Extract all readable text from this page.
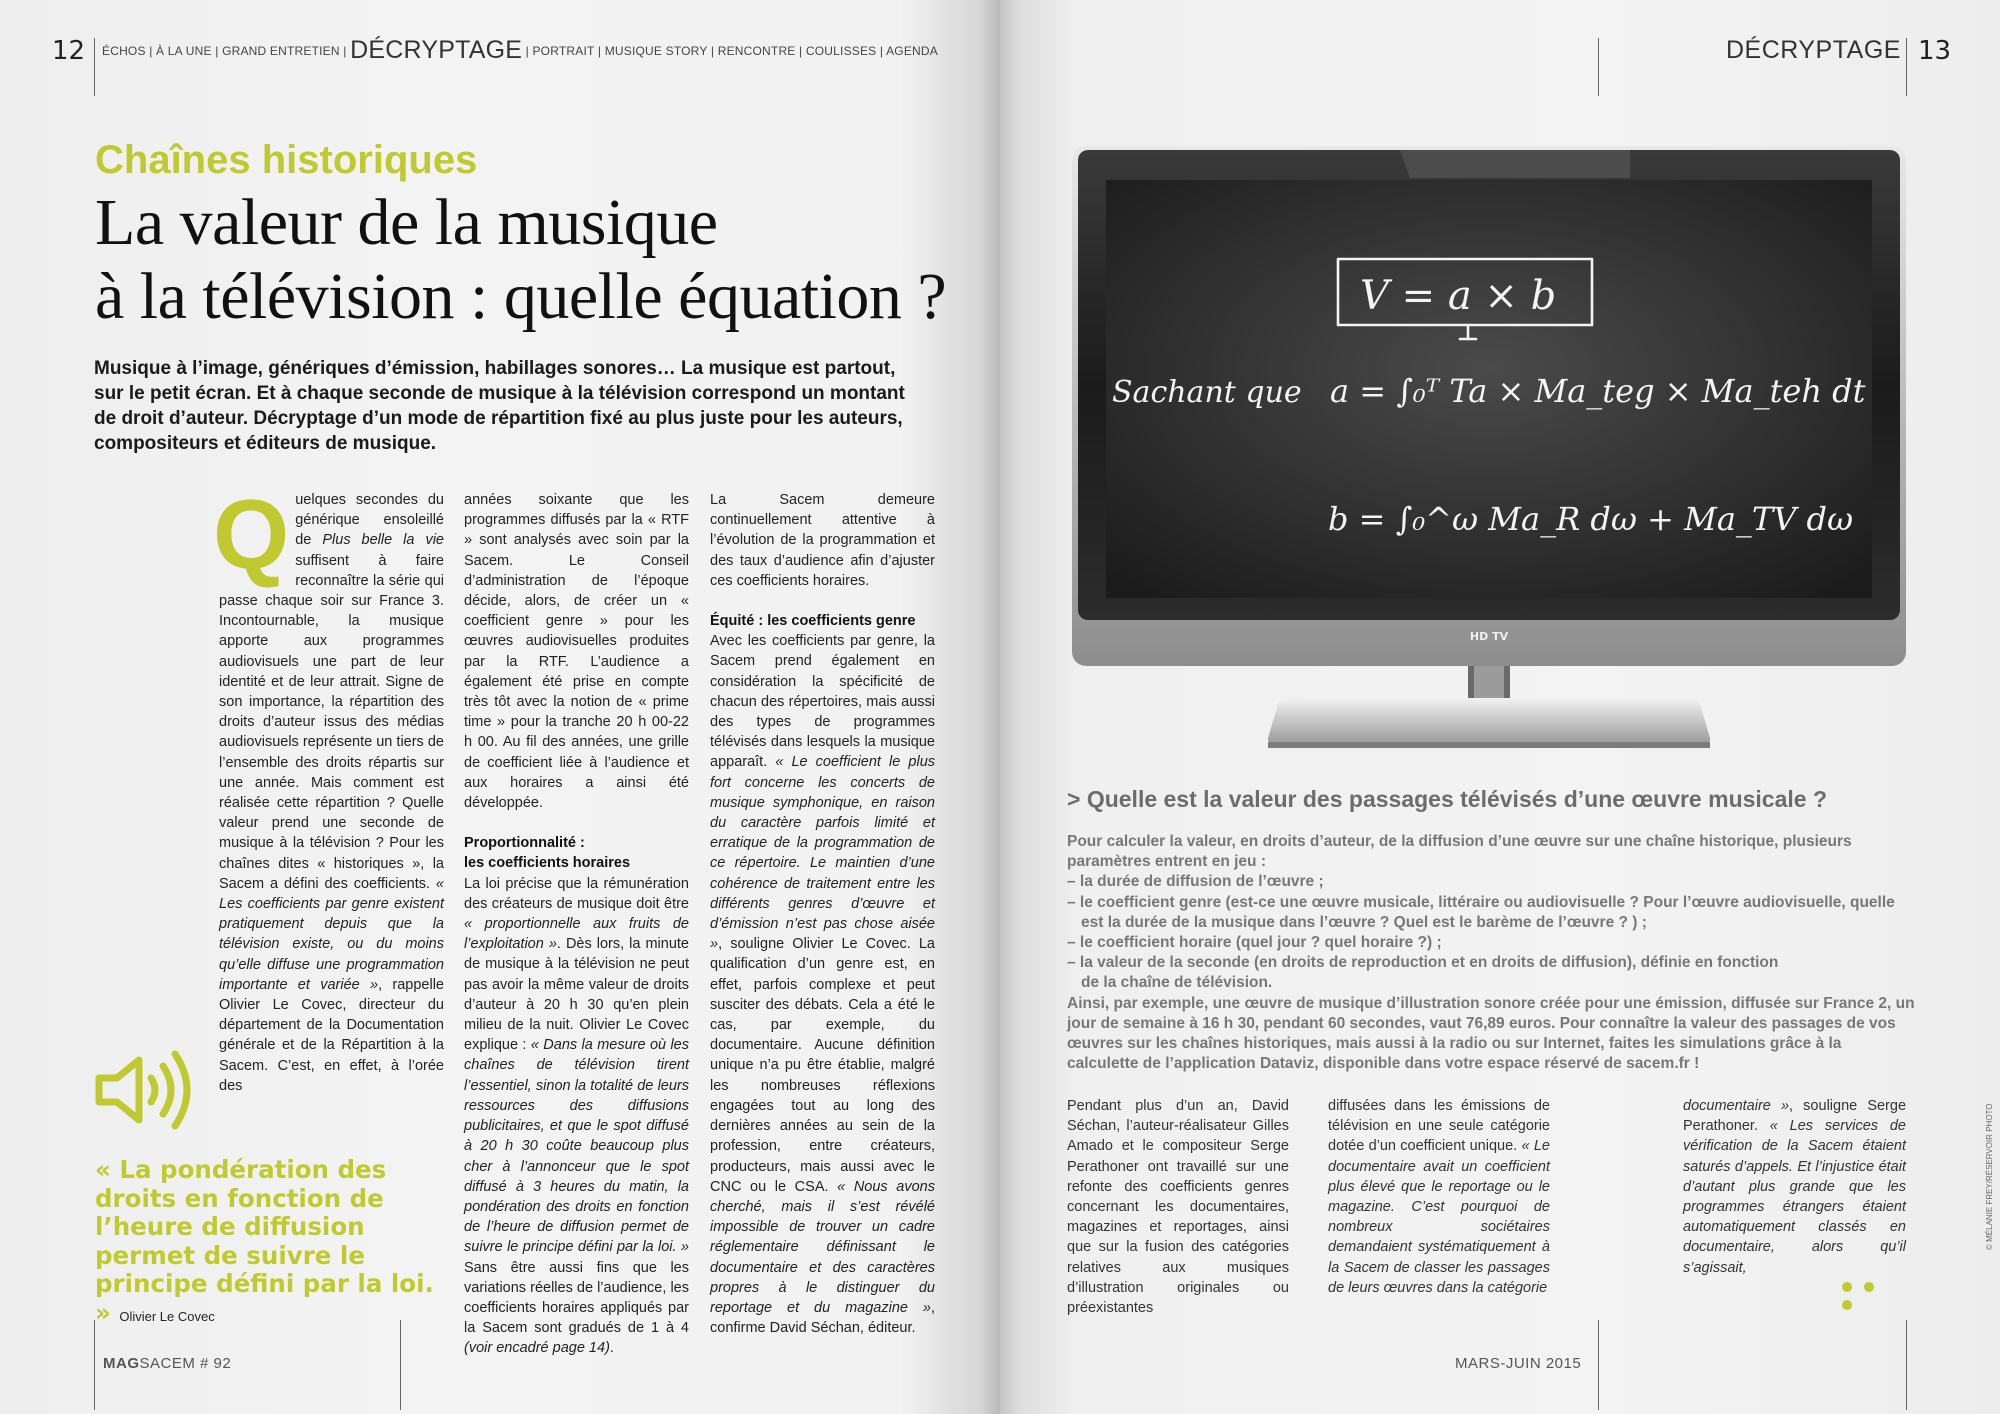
12 ÉCHOS | À LA UNE | GRAND ENTRETIEN | DÉCRYPTAGE | PORTRAIT | MUSIQUE STORY | RENCONTRE | COULISSES | AGENDA
Chaînes historiques
La valeur de la musique
à la télévision : quelle équation ?
Musique à l’image, génériques d’émission, habillages sonores… La musique est partout, sur le petit écran. Et à chaque seconde de musique à la télévision correspond un montant de droit d’auteur. Décryptage d’un mode de répartition fixé au plus juste pour les auteurs, compositeurs et éditeurs de musique.
Quelques secondes du générique ensoleillé de Plus belle la vie suffisent à faire reconnaître la série qui passe chaque soir sur France 3. Incontournable, la musique apporte aux programmes audiovisuels une part de leur identité et de leur attrait. Signe de son importance, la répartition des droits d’auteur issus des médias audiovisuels représente un tiers de l’ensemble des droits répartis sur une année. Mais comment est réalisée cette répartition ? Quelle valeur prend une seconde de musique à la télévision ? Pour les chaînes dites « historiques », la Sacem a défini des coefficients. « Les coefficients par genre existent pratiquement depuis que la télévision existe, ou du moins qu’elle diffuse une programmation importante et variée », rappelle Olivier Le Covec, directeur du département de la Documentation générale et de la Répartition à la Sacem. C’est, en effet, à l’orée des
années soixante que les programmes diffusés par la « RTF » sont analysés avec soin par la Sacem. Le Conseil d’administration de l’époque décide, alors, de créer un « coefficient genre » pour les œuvres audiovisuelles produites par la RTF. L’audience a également été prise en compte très tôt avec la notion de « prime time » pour la tranche 20 h 00-22 h 00. Au fil des années, une grille de coefficient liée à l’audience et aux horaires a ainsi été développée.
Proportionnalité :
les coefficients horaires
La loi précise que la rémunération des créateurs de musique doit être « proportionnelle aux fruits de l’exploitation ». Dès lors, la minute de musique à la télévision ne peut pas avoir la même valeur de droits d’auteur à 20 h 30 qu’en plein milieu de la nuit. Olivier Le Covec explique : « Dans la mesure où les chaînes de télévision tirent l’essentiel, sinon la totalité de leurs ressources des diffusions publicitaires, et que le spot diffusé à 20 h 30 coûte beaucoup plus cher à l’annonceur que le spot diffusé à 3 heures du matin, la pondération des droits en fonction de l’heure de diffusion permet de suivre le principe défini par la loi. » Sans être aussi fins que les variations réelles de l’audience, les coefficients horaires appliqués par la Sacem sont gradués de 1 à 4 (voir encadré page 14).
La Sacem demeure continuellement attentive à l’évolution de la programmation et des taux d’audience afin d’ajuster ces coefficients horaires.
Équité : les coefficients genre
Avec les coefficients par genre, la Sacem prend également en considération la spécificité de chacun des répertoires, mais aussi des types de programmes télévisés dans lesquels la musique apparaît. « Le coefficient le plus fort concerne les concerts de musique symphonique, en raison du caractère parfois limité et erratique de la programmation de ce répertoire. Le maintien d’une cohérence de traitement entre les différents genres d’œuvre et d’émission n’est pas chose aisée », souligne Olivier Le Covec. La qualification d’un genre est, en effet, parfois complexe et peut susciter des débats. Cela a été le cas, par exemple, du documentaire. Aucune définition unique n’a pu être établie, malgré les nombreuses réflexions engagées tout au long des dernières années au sein de la profession, entre créateurs, producteurs, mais aussi avec le CNC ou le CSA. « Nous avons cherché, mais il s’est révélé impossible de trouver un cadre réglementaire définissant le documentaire et des caractères propres à le distinguer du reportage et du magazine », confirme David Séchan, éditeur.
« La pondération des droits en fonction de l’heure de diffusion permet de suivre le principe défini par la loi. » Olivier Le Covec
MAGSACEM # 92
DÉCRYPTAGE 13
V = a × b
Sachant que a = ∫₀ᵀ Ta × Ma_teg × Ma_teh dt
b = ∫₀^ω Ma_R dω + Ma_TV dω
HD TV
> Quelle est la valeur des passages télévisés d’une œuvre musicale ?
Pour calculer la valeur, en droits d’auteur, de la diffusion d’une œuvre sur une chaîne historique, plusieurs paramètres entrent en jeu :
– la durée de diffusion de l’œuvre ;
– le coefficient genre (est-ce une œuvre musicale, littéraire ou audiovisuelle ? Pour l’œuvre audiovisuelle, quelle
est la durée de la musique dans l’œuvre ? Quel est le barème de l’œuvre ? ) ;
– le coefficient horaire (quel jour ? quel horaire ?) ;
– la valeur de la seconde (en droits de reproduction et en droits de diffusion), définie en fonction
de la chaîne de télévision.
Ainsi, par exemple, une œuvre de musique d’illustration sonore créée pour une émission, diffusée sur France 2, un jour de semaine à 16 h 30, pendant 60 secondes, vaut 76,89 euros. Pour connaître la valeur des passages de vos œuvres sur les chaînes historiques, mais aussi à la radio ou sur Internet, faites les simulations grâce à la calculette de l’application Dataviz, disponible dans votre espace réservé de sacem.fr !
Pendant plus d’un an, David Séchan, l’auteur-réalisateur Gilles Amado et le compositeur Serge Perathoner ont travaillé sur une refonte des coefficients genres concernant les documentaires, magazines et reportages, ainsi que sur la fusion des catégories relatives aux musiques d’illustration originales ou préexistantes
diffusées dans les émissions de télévision en une seule catégorie dotée d’un coefficient unique. « Le documentaire avait un coefficient plus élevé que le reportage ou le magazine. C’est pourquoi de nombreux sociétaires demandaient systématiquement à la Sacem de classer les passages de leurs œuvres dans la catégorie
documentaire », souligne Serge Perathoner. « Les services de vérification de la Sacem étaient saturés d’appels. Et l’injustice était d’autant plus grande que les programmes étrangers étaient automatiquement classés en documentaire, alors qu’il s’agissait,
© MÉLANIE FREY/RÉSERVOIR PHOTO
MARS-JUIN 2015
